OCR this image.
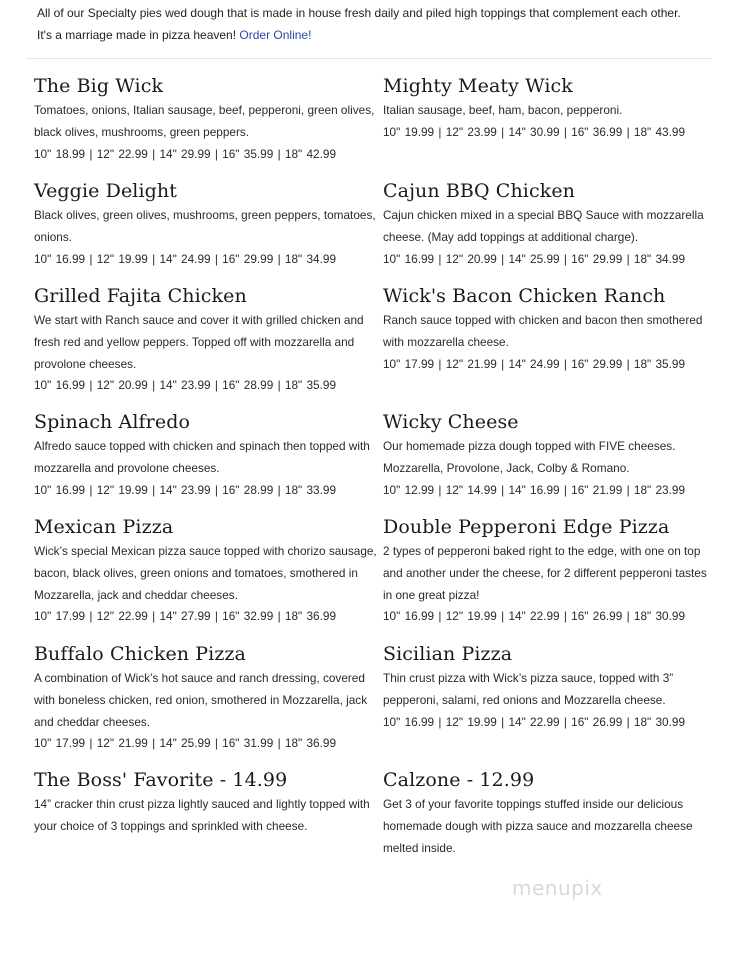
All of our Specialty pies wed dough that is made in house fresh daily and piled high toppings that complement each other. It's a marriage made in pizza heaven! Order Online!
The Big Wick
Tomatoes, onions, Italian sausage, beef, pepperoni, green olives, black olives, mushrooms, green peppers.
10" 18.99 | 12" 22.99 | 14" 29.99 | 16" 35.99 | 18" 42.99
Veggie Delight
Black olives, green olives, mushrooms, green peppers, tomatoes, onions.
10" 16.99 | 12" 19.99 | 14" 24.99 | 16" 29.99 | 18" 34.99
Grilled Fajita Chicken
We start with Ranch sauce and cover it with grilled chicken and fresh red and yellow peppers. Topped off with mozzarella and provolone cheeses.
10" 16.99 | 12" 20.99 | 14" 23.99 | 16" 28.99 | 18" 35.99
Spinach Alfredo
Alfredo sauce topped with chicken and spinach then topped with mozzarella and provolone cheeses.
10" 16.99 | 12" 19.99 | 14" 23.99 | 16" 28.99 | 18" 33.99
Mexican Pizza
Wick’s special Mexican pizza sauce topped with chorizo sausage, bacon, black olives, green onions and tomatoes, smothered in Mozzarella, jack and cheddar cheeses.
10" 17.99 | 12" 22.99 | 14" 27.99 | 16" 32.99 | 18" 36.99
Buffalo Chicken Pizza
A combination of Wick’s hot sauce and ranch dressing, covered with boneless chicken, red onion, smothered in Mozzarella, jack and cheddar cheeses.
10" 17.99 | 12" 21.99 | 14" 25.99 | 16" 31.99 | 18" 36.99
The Boss' Favorite - 14.99
14” cracker thin crust pizza lightly sauced and lightly topped with your choice of 3 toppings and sprinkled with cheese.
Mighty Meaty Wick
Italian sausage, beef, ham, bacon, pepperoni.
10" 19.99 | 12" 23.99 | 14" 30.99 | 16" 36.99 | 18" 43.99
Cajun BBQ Chicken
Cajun chicken mixed in a special BBQ Sauce with mozzarella cheese. (May add toppings at additional charge).
10" 16.99 | 12" 20.99 | 14" 25.99 | 16" 29.99 | 18" 34.99
Wick's Bacon Chicken Ranch
Ranch sauce topped with chicken and bacon then smothered with mozzarella cheese.
10" 17.99 | 12" 21.99 | 14" 24.99 | 16" 29.99 | 18" 35.99
Wicky Cheese
Our homemade pizza dough topped with FIVE cheeses. Mozzarella, Provolone, Jack, Colby & Romano.
10" 12.99 | 12" 14.99 | 14" 16.99 | 16" 21.99 | 18" 23.99
Double Pepperoni Edge Pizza
2 types of pepperoni baked right to the edge, with one on top and another under the cheese, for 2 different pepperoni tastes in one great pizza!
10" 16.99 | 12" 19.99 | 14" 22.99 | 16" 26.99 | 18" 30.99
Sicilian Pizza
Thin crust pizza with Wick’s pizza sauce, topped with 3” pepperoni, salami, red onions and Mozzarella cheese.
10" 16.99 | 12" 19.99 | 14" 22.99 | 16" 26.99 | 18" 30.99
Calzone - 12.99
Get 3 of your favorite toppings stuffed inside our delicious homemade dough with pizza sauce and mozzarella cheese melted inside.
menupix
